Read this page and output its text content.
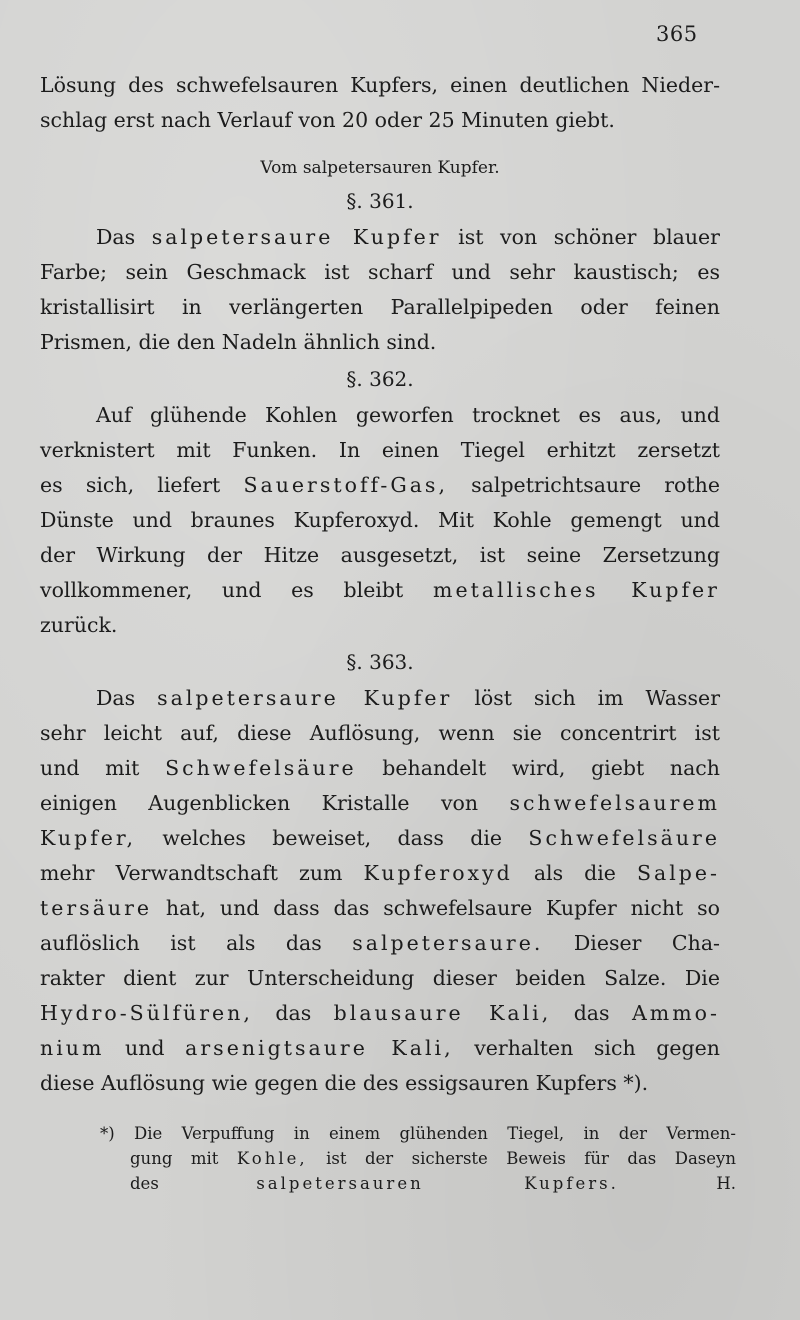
365
Lösung des schwefelsauren Kupfers, einen deutlichen Nieder-
schlag erst nach Verlauf von 20 oder 25 Minuten giebt.
Vom salpetersauren Kupfer.
§. 361.
Das salpetersaure Kupfer ist von schöner blauer
Farbe; sein Geschmack ist scharf und sehr kaustisch; es
kristallisirt in verlängerten Parallelpipeden oder feinen
Prismen, die den Nadeln ähnlich sind.
§. 362.
Auf glühende Kohlen geworfen trocknet es aus, und
verknistert mit Funken. In einen Tiegel erhitzt zersetzt
es sich, liefert Sauerstoff-Gas, salpetrichtsaure rothe
Dünste und braunes Kupferoxyd. Mit Kohle gemengt und
der Wirkung der Hitze ausgesetzt, ist seine Zersetzung
vollkommener, und es bleibt metallisches Kupfer
zurück.
§. 363.
Das salpetersaure Kupfer löst sich im Wasser
sehr leicht auf, diese Auflösung, wenn sie concentrirt ist
und mit Schwefelsäure behandelt wird, giebt nach
einigen Augenblicken Kristalle von schwefelsaurem
Kupfer, welches beweiset, dass die Schwefelsäure
mehr Verwandtschaft zum Kupferoxyd als die Salpe-
tersäure hat, und dass das schwefelsaure Kupfer nicht so
auflöslich ist als das salpetersaure. Dieser Cha-
rakter dient zur Unterscheidung dieser beiden Salze. Die
Hydro-Sülfüren, das blausaure Kali, das Ammo-
nium und arsenigtsaure Kali, verhalten sich gegen
diese Auflösung wie gegen die des essigsauren Kupfers *).
*) Die Verpuffung in einem glühenden Tiegel, in der Vermen-
gung mit Kohle, ist der sicherste Beweis für das Daseyn
des	salpetersauren Kupfers.	H.
